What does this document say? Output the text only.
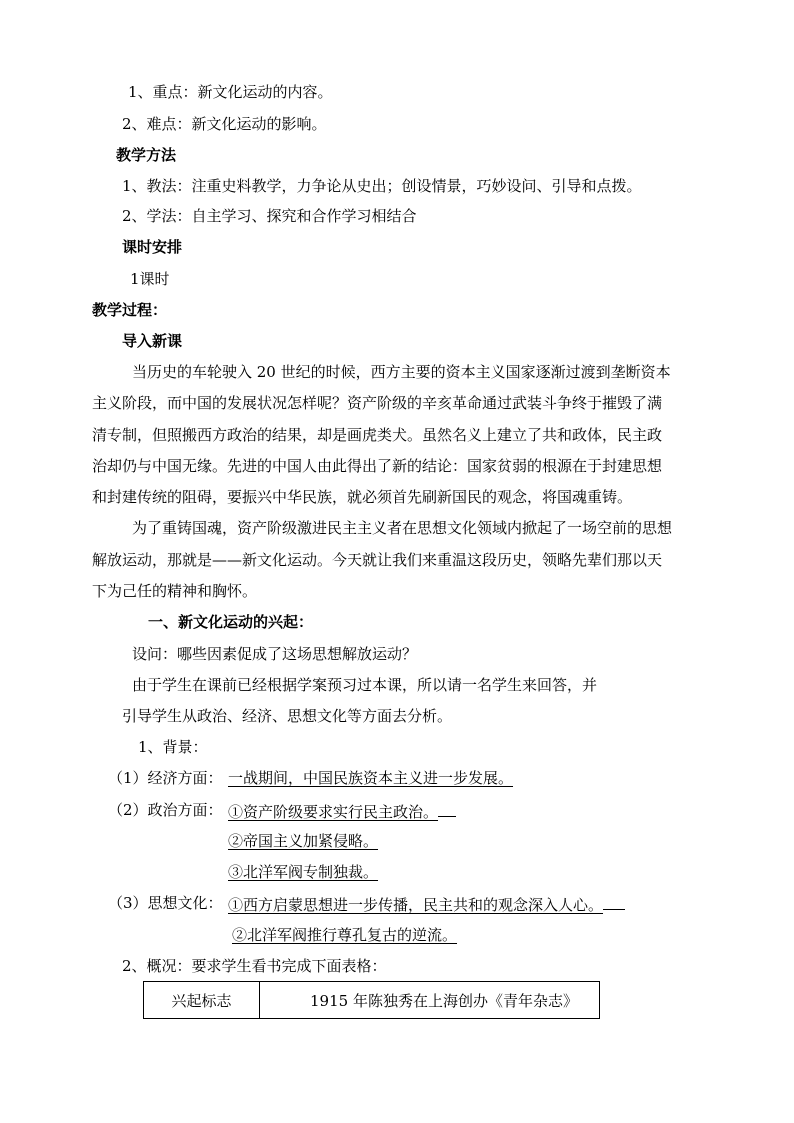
1、重点：新文化运动的内容。
2、难点：新文化运动的影响。
教学方法
1、教法：注重史料教学，力争论从史出；创设情景，巧妙设问、引导和点拨。
2、学法：自主学习、探究和合作学习相结合
课时安排
1课时
教学过程：
导入新课
当历史的车轮驶入 20 世纪的时候，西方主要的资本主义国家逐渐过渡到垄断资本
主义阶段，而中国的发展状况怎样呢？资产阶级的辛亥革命通过武装斗争终于摧毁了满
清专制，但照搬西方政治的结果，却是画虎类犬。虽然名义上建立了共和政体，民主政
治却仍与中国无缘。先进的中国人由此得出了新的结论：国家贫弱的根源在于封建思想
和封建传统的阻碍，要振兴中华民族，就必须首先刷新国民的观念，将国魂重铸。
为了重铸国魂，资产阶级激进民主主义者在思想文化领域内掀起了一场空前的思想
解放运动，那就是——新文化运动。今天就让我们来重温这段历史，领略先辈们那以天
下为己任的精神和胸怀。
一、新文化运动的兴起：
设问：哪些因素促成了这场思想解放运动？
由于学生在课前已经根据学案预习过本课，所以请一名学生来回答，并
引导学生从政治、经济、思想文化等方面去分析。
1、背景：
（1）经济方面： 一战期间，中国民族资本主义进一步发展。
（2）政治方面： ①资产阶级要求实行民主政治。
②帝国主义加紧侵略。
③北洋军阀专制独裁。
（3）思想文化： ①西方启蒙思想进一步传播，民主共和的观念深入人心。
②北洋军阀推行尊孔复古的逆流。
2、概况：要求学生看书完成下面表格：
兴起标志	1915 年陈独秀在上海创办《青年杂志》
